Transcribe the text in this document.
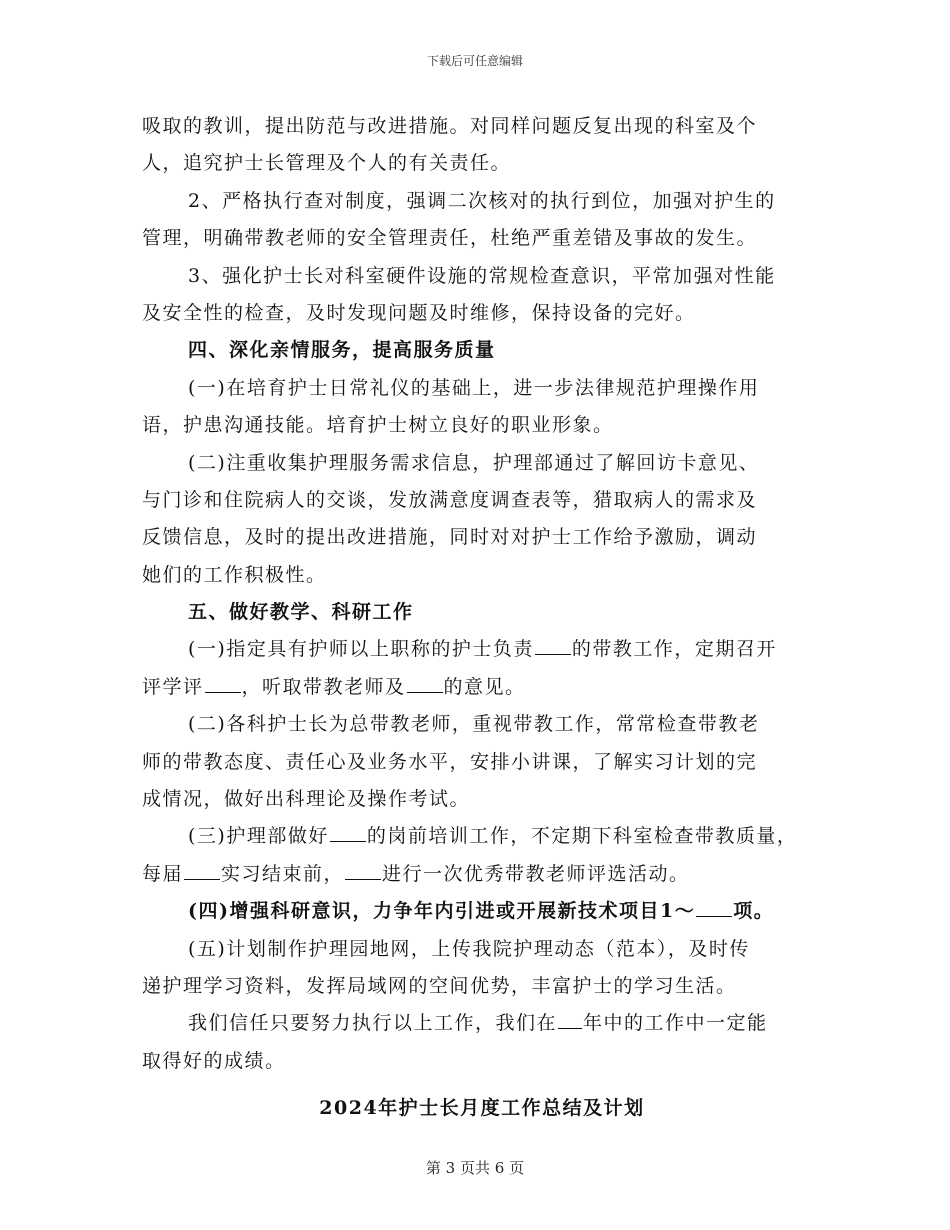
下载后可任意编辑
吸取的教训，提出防范与改进措施。对同样问题反复出现的科室及个
人，追究护士长管理及个人的有关责任。
2、严格执行查对制度，强调二次核对的执行到位，加强对护生的
管理，明确带教老师的安全管理责任，杜绝严重差错及事故的发生。
3、强化护士长对科室硬件设施的常规检查意识，平常加强对性能
及安全性的检查，及时发现问题及时维修，保持设备的完好。
四、深化亲情服务，提高服务质量
(一)在培育护士日常礼仪的基础上，进一步法律规范护理操作用
语，护患沟通技能。培育护士树立良好的职业形象。
(二)注重收集护理服务需求信息，护理部通过了解回访卡意见、
与门诊和住院病人的交谈，发放满意度调查表等，猎取病人的需求及
反馈信息，及时的提出改进措施，同时对对护士工作给予激励，调动
她们的工作积极性。
五、做好教学、科研工作
(一)指定具有护师以上职称的护士负责 的带教工作，定期召开
评学评 ，听取带教老师及 的意见。
(二)各科护士长为总带教老师，重视带教工作，常常检查带教老
师的带教态度、责任心及业务水平，安排小讲课，了解实习计划的完
成情况，做好出科理论及操作考试。
(三)护理部做好 的岗前培训工作，不定期下科室检查带教质量，
每届 实习结束前， 进行一次优秀带教老师评选活动。
(四)增强科研意识，力争年内引进或开展新技术项目1～ 项。
(五)计划制作护理园地网，上传我院护理动态（范本），及时传
递护理学习资料，发挥局域网的空间优势，丰富护士的学习生活。
我们信任只要努力执行以上工作，我们在 年中的工作中一定能
取得好的成绩。
2024年护士长月度工作总结及计划
第 3 页共 6 页
